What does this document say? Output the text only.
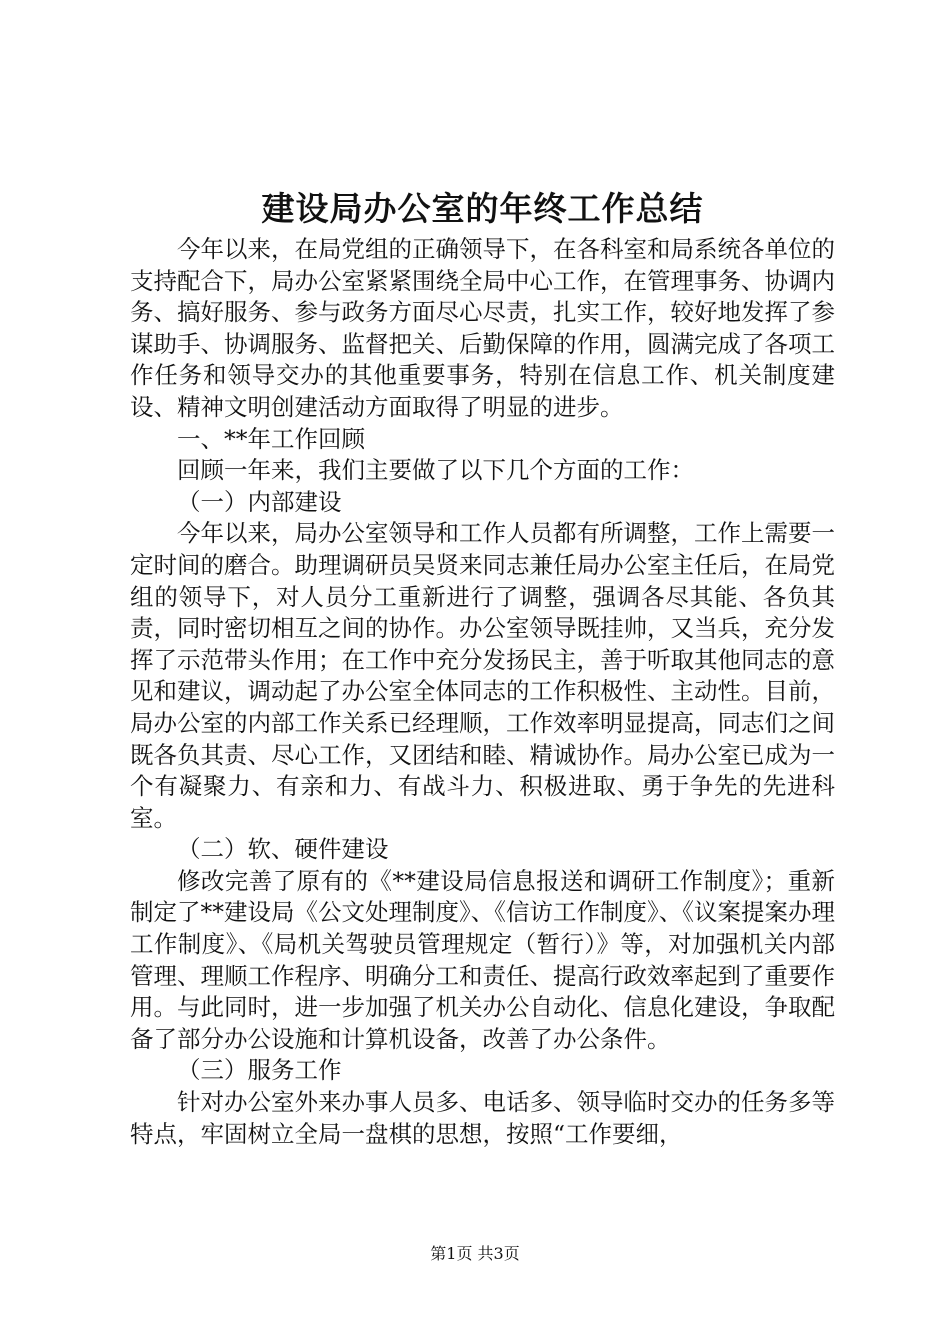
建设局办公室的年终工作总结

今年以来，在局党组的正确领导下，在各科室和局系统各单位的支持配合下，局办公室紧紧围绕全局中心工作，在管理事务、协调内务、搞好服务、参与政务方面尽心尽责，扎实工作，较好地发挥了参谋助手、协调服务、监督把关、后勤保障的作用，圆满完成了各项工作任务和领导交办的其他重要事务，特别在信息工作、机关制度建设、精神文明创建活动方面取得了明显的进步。

一、**年工作回顾

回顾一年来，我们主要做了以下几个方面的工作：

（一）内部建设

今年以来，局办公室领导和工作人员都有所调整，工作上需要一定时间的磨合。助理调研员吴贤来同志兼任局办公室主任后，在局党组的领导下，对人员分工重新进行了调整，强调各尽其能、各负其责，同时密切相互之间的协作。办公室领导既挂帅，又当兵，充分发挥了示范带头作用；在工作中充分发扬民主，善于听取其他同志的意见和建议，调动起了办公室全体同志的工作积极性、主动性。目前，局办公室的内部工作关系已经理顺，工作效率明显提高，同志们之间既各负其责、尽心工作，又团结和睦、精诚协作。局办公室已成为一个有凝聚力、有亲和力、有战斗力、积极进取、勇于争先的先进科室。

（二）软、硬件建设

修改完善了原有的《**建设局信息报送和调研工作制度》；重新制定了**建设局《公文处理制度》、《信访工作制度》、《议案提案办理工作制度》、《局机关驾驶员管理规定（暂行）》等，对加强机关内部管理、理顺工作程序、明确分工和责任、提高行政效率起到了重要作用。与此同时，进一步加强了机关办公自动化、信息化建设，争取配备了部分办公设施和计算机设备，改善了办公条件。

（三）服务工作

针对办公室外来办事人员多、电话多、领导临时交办的任务多等特点，牢固树立全局一盘棋的思想，按照“工作要细，

第1页 共3页
